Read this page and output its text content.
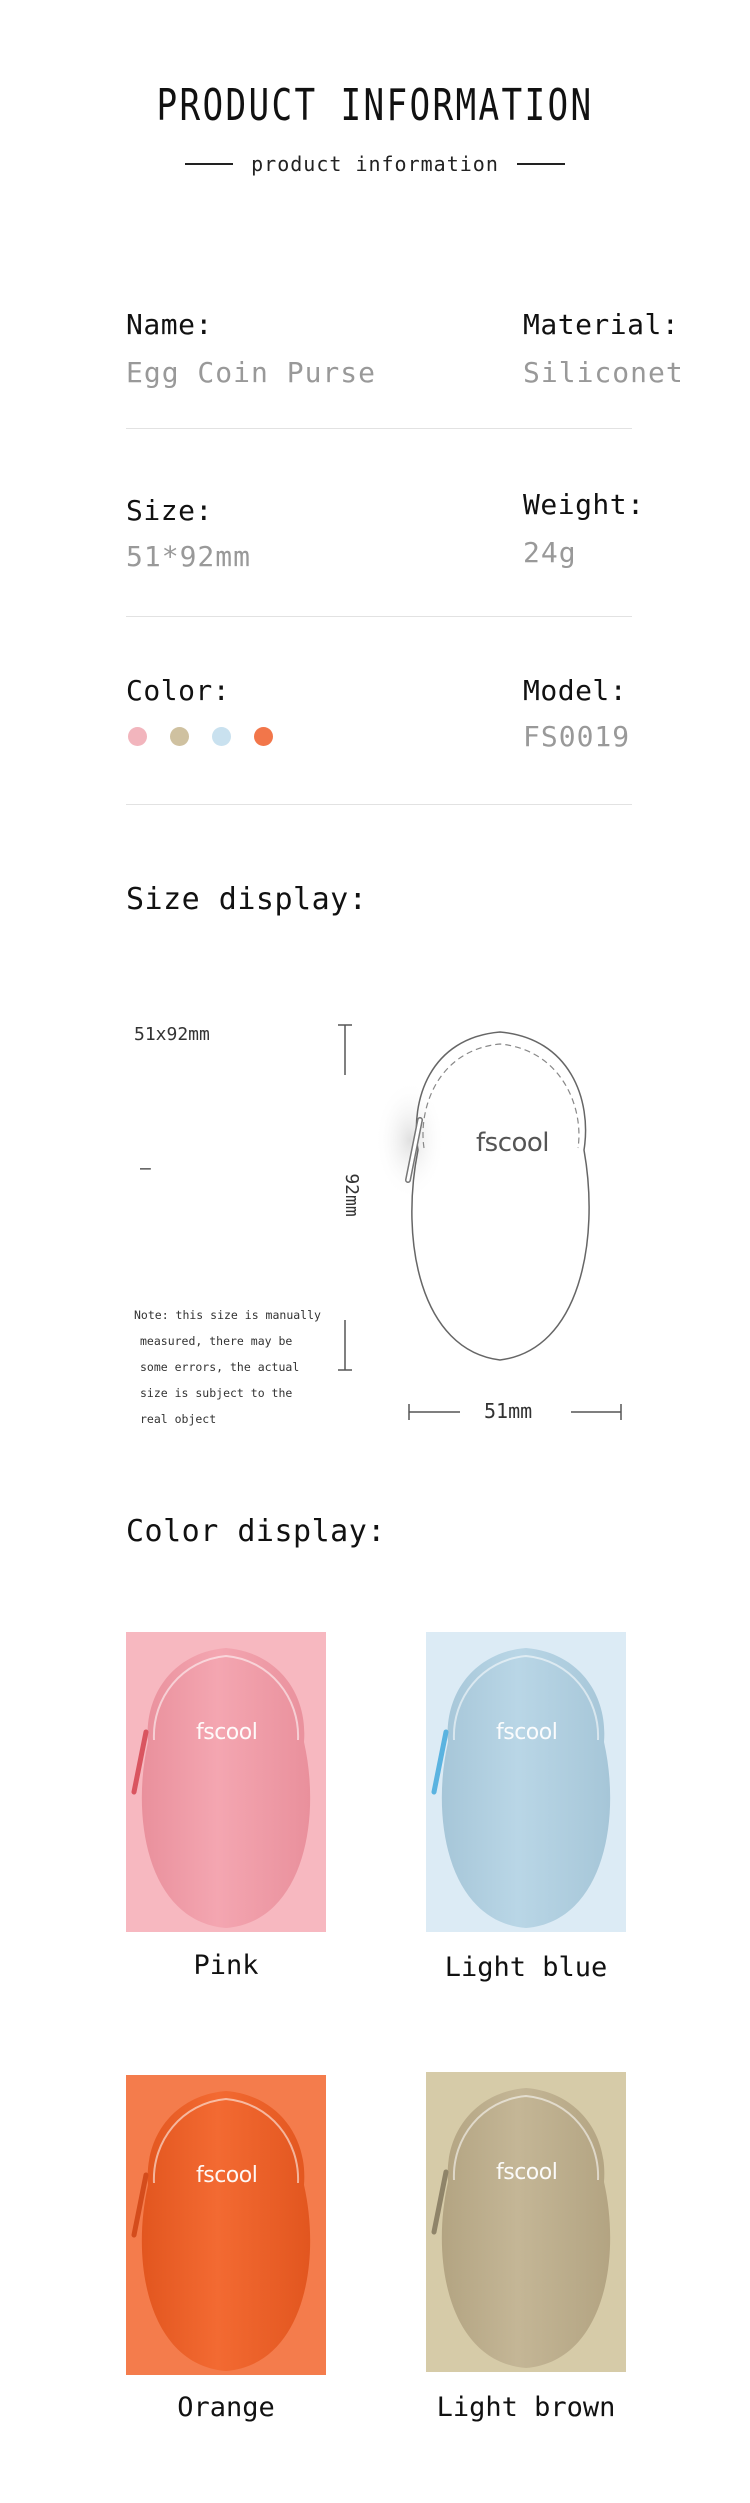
PRODUCT INFORMATION
product information
Name:
Egg Coin Purse
Material:
Siliconet
Size:
51*92mm
Weight:
24g
Color:	Model:
FS0019
Size display:
51x92mm
—
Note: this size is manually
measured, there may be
some errors, the actual
size is subject to the
real object
92mm
fscool
51mm
Color display:
fscool
Pink
fscool
Light blue
fscool
Orange
fscool
Light brown
